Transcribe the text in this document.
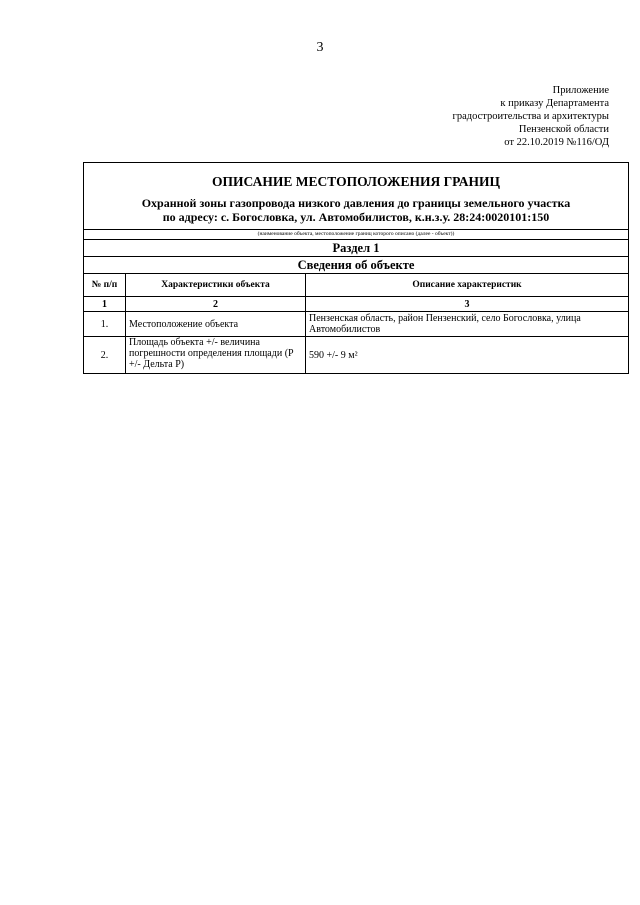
3
Приложение
к приказу Департамента
градостроительства и архитектуры
Пензенской области
от 22.10.2019 №116/ОД
ОПИСАНИЕ МЕСТОПОЛОЖЕНИЯ ГРАНИЦ		

Охранной зоны газопровода низкого давления до границы земельного участка
по адресу: с. Богословка, ул. Автомобилистов, к.н.з.у. 28:24:0020101:150		

(наименование объекта, местоположение границ которого описано (далее - объект))		
Раздел 1		
Сведения об объекте		
№ п/п	Характеристики объекта	Описание характеристик
1	2	3
1.	Местоположение объекта	Пензенская область, район Пензенский, село Богословка, улица Автомобилистов
2.	Площадь объекта +/- величина погрешности определения площади (Р +/- Дельта Р)	590 +/- 9 м²
